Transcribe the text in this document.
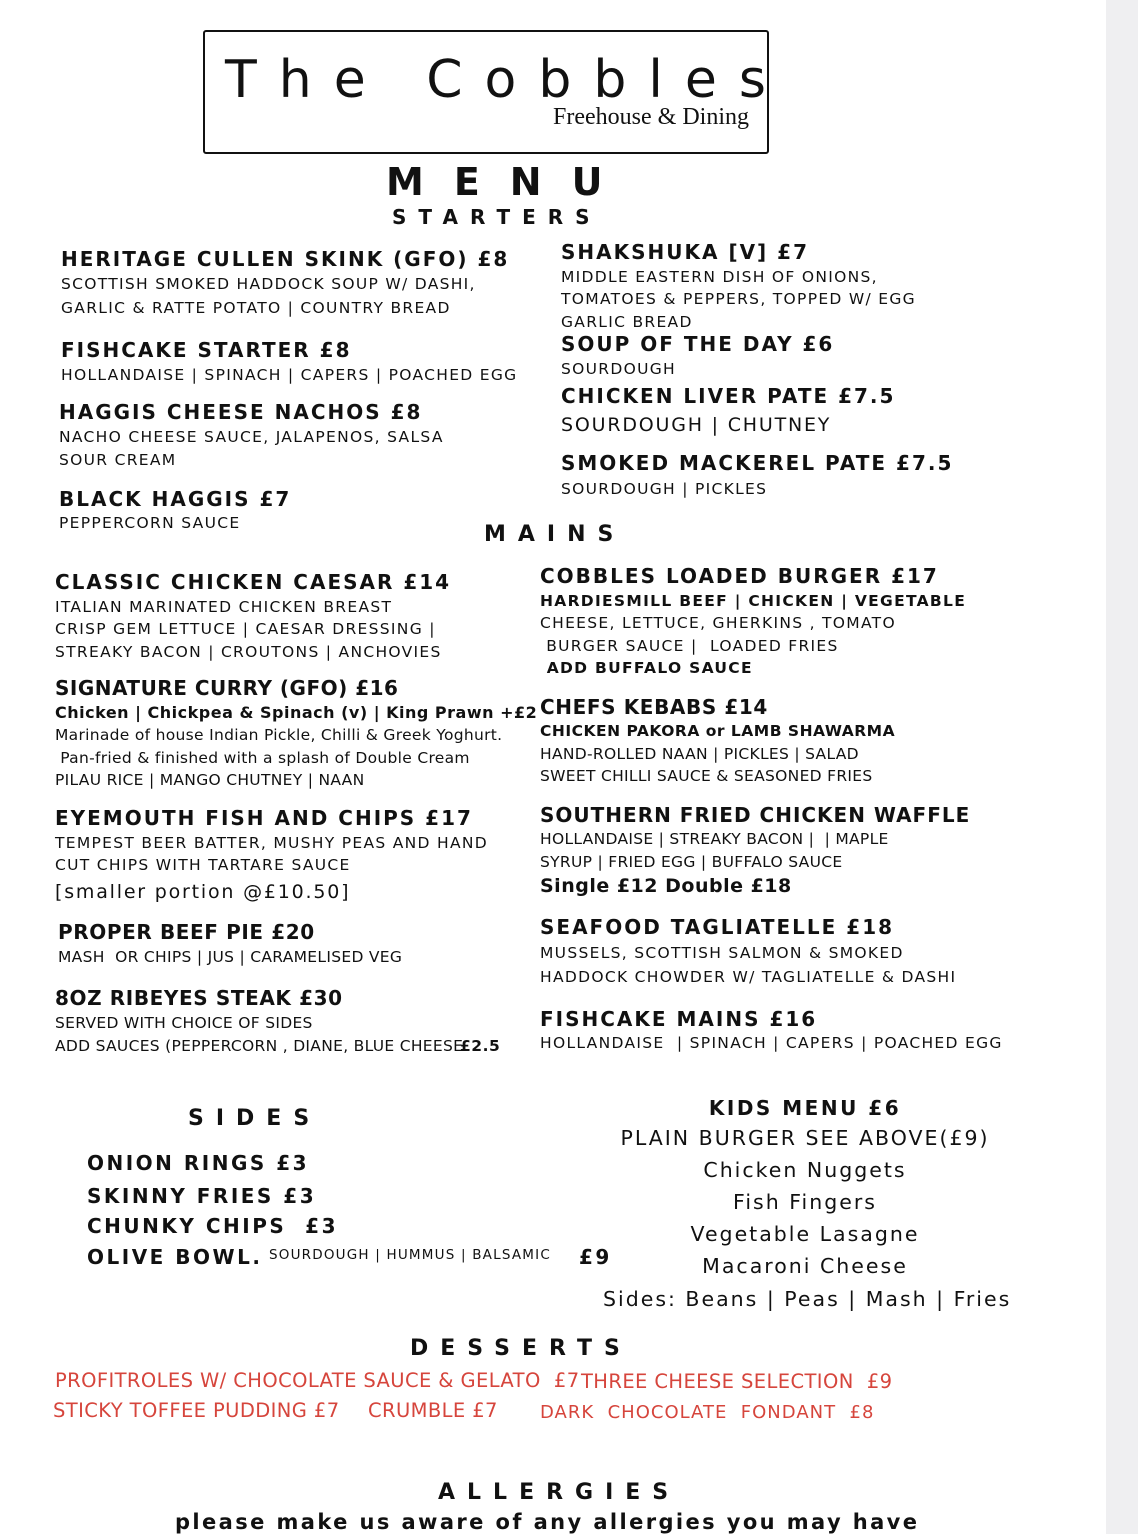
The Cobbles
Freehouse & Dining
MENU
STARTERS
HERITAGE CULLEN SKINK (GFO) £8
SCOTTISH SMOKED HADDOCK SOUP W/ DASHI,
GARLIC & RATTE POTATO | COUNTRY BREAD
FISHCAKE STARTER £8
HOLLANDAISE | SPINACH | CAPERS | POACHED EGG
HAGGIS CHEESE NACHOS £8
NACHO CHEESE SAUCE, JALAPENOS, SALSA
SOUR CREAM
BLACK HAGGIS £7
PEPPERCORN SAUCE
SHAKSHUKA [V] £7
MIDDLE EASTERN DISH OF ONIONS,
TOMATOES & PEPPERS, TOPPED W/ EGG
GARLIC BREAD
SOUP OF THE DAY £6
SOURDOUGH
CHICKEN LIVER PATE £7.5
SOURDOUGH | CHUTNEY
SMOKED MACKEREL PATE £7.5
SOURDOUGH | PICKLES
MAINS
CLASSIC CHICKEN CAESAR £14
ITALIAN MARINATED CHICKEN BREAST
CRISP GEM LETTUCE | CAESAR DRESSING |
STREAKY BACON | CROUTONS | ANCHOVIES
SIGNATURE CURRY (GFO) £16
Chicken | Chickpea & Spinach (v) | King Prawn +£2
Marinade of house Indian Pickle, Chilli & Greek Yoghurt.
Pan-fried & finished with a splash of Double Cream
PILAU RICE | MANGO CHUTNEY | NAAN
EYEMOUTH FISH AND CHIPS £17
TEMPEST BEER BATTER, MUSHY PEAS AND HAND
CUT CHIPS WITH TARTARE SAUCE
[smaller portion @£10.50]
PROPER BEEF PIE £20
MASH  OR CHIPS | JUS | CARAMELISED VEG
8OZ RIBEYES STEAK £30
SERVED WITH CHOICE OF SIDES
ADD SAUCES (PEPPERCORN , DIANE, BLUE CHEESE
£2.5
COBBLES LOADED BURGER £17
HARDIESMILL BEEF | CHICKEN | VEGETABLE
CHEESE, LETTUCE, GHERKINS , TOMATO
BURGER SAUCE |  LOADED FRIES
ADD BUFFALO SAUCE
CHEFS KEBABS £14
CHICKEN PAKORA or LAMB SHAWARMA
HAND-ROLLED NAAN | PICKLES | SALAD
SWEET CHILLI SAUCE & SEASONED FRIES
SOUTHERN FRIED CHICKEN WAFFLE
HOLLANDAISE | STREAKY BACON |  | MAPLE
SYRUP | FRIED EGG | BUFFALO SAUCE
Single £12 Double £18
SEAFOOD TAGLIATELLE £18
MUSSELS, SCOTTISH SALMON & SMOKED
HADDOCK CHOWDER W/ TAGLIATELLE & DASHI
FISHCAKE MAINS £16
HOLLANDAISE  | SPINACH | CAPERS | POACHED EGG
SIDES
ONION RINGS £3
SKINNY FRIES £3
CHUNKY CHIPS  £3
OLIVE BOWL. SOURDOUGH | HUMMUS | BALSAMIC £9
KIDS MENU £6
PLAIN BURGER SEE ABOVE(£9)
Chicken Nuggets
Fish Fingers
Vegetable Lasagne
Macaroni Cheese
Sides: Beans | Peas | Mash | Fries
DESSERTS
PROFITROLES W/ CHOCOLATE SAUCE & GELATO  £7 THREE CHEESE SELECTION  £9
STICKY TOFFEE PUDDING £7 CRUMBLE £7 DARK  CHOCOLATE  FONDANT  £8
ALLERGIES
please make us aware of any allergies you may have
